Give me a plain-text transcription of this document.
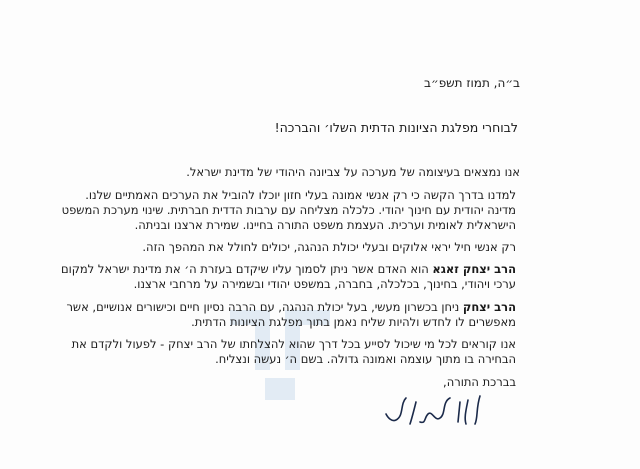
ב״ה, תמוז תשפ״ב
לבוחרי מפלגת הציונות הדתית השלו׳ והברכה!
אנו נמצאים בעיצומה של מערכה על צביונה היהודי של מדינת ישראל.
למדנו בדרך הקשה כי רק אנשי אמונה בעלי חזון יוכלו להוביל את הערכים האמתיים שלנו.
מדינה יהודית עם חינוך יהודי. כלכלה מצליחה עם ערבות הדדית חברתית. שינוי מערכת המשפט
הישראלית לאומית וערכית. העצמת משפט התורה בחיינו. שמירת ארצנו ובניתה.
רק אנשי חיל יראי אלוקים ובעלי יכולת הנהגה, יכולים לחולל את המהפך הזה.
הרב יצחק זאגא הוא האדם אשר ניתן לסמוך עליו שיקדם בעזרת ה׳ את מדינת ישראל למקום
ערכי ויהודי, בחינוך, בכלכלה, בחברה, במשפט יהודי ובשמירה על מרחבי ארצנו.
הרב יצחק ניחן בכשרון מעשי, בעל יכולת הנהגה, עם הרבה נסיון חיים וכישורים אנושיים, אשר
מאפשרים לו לחדש ולהיות שליח נאמן בתוך מפלגת הציונות הדתית.
אנו קוראים לכל מי שיכול לסייע בכל דרך שהוא להצלחתו של הרב יצחק - לפעול ולקדם את
הבחירה בו מתוך עוצמה ואמונה גדולה. בשם ה׳ נעשה ונצליח.
בברכת התורה,
